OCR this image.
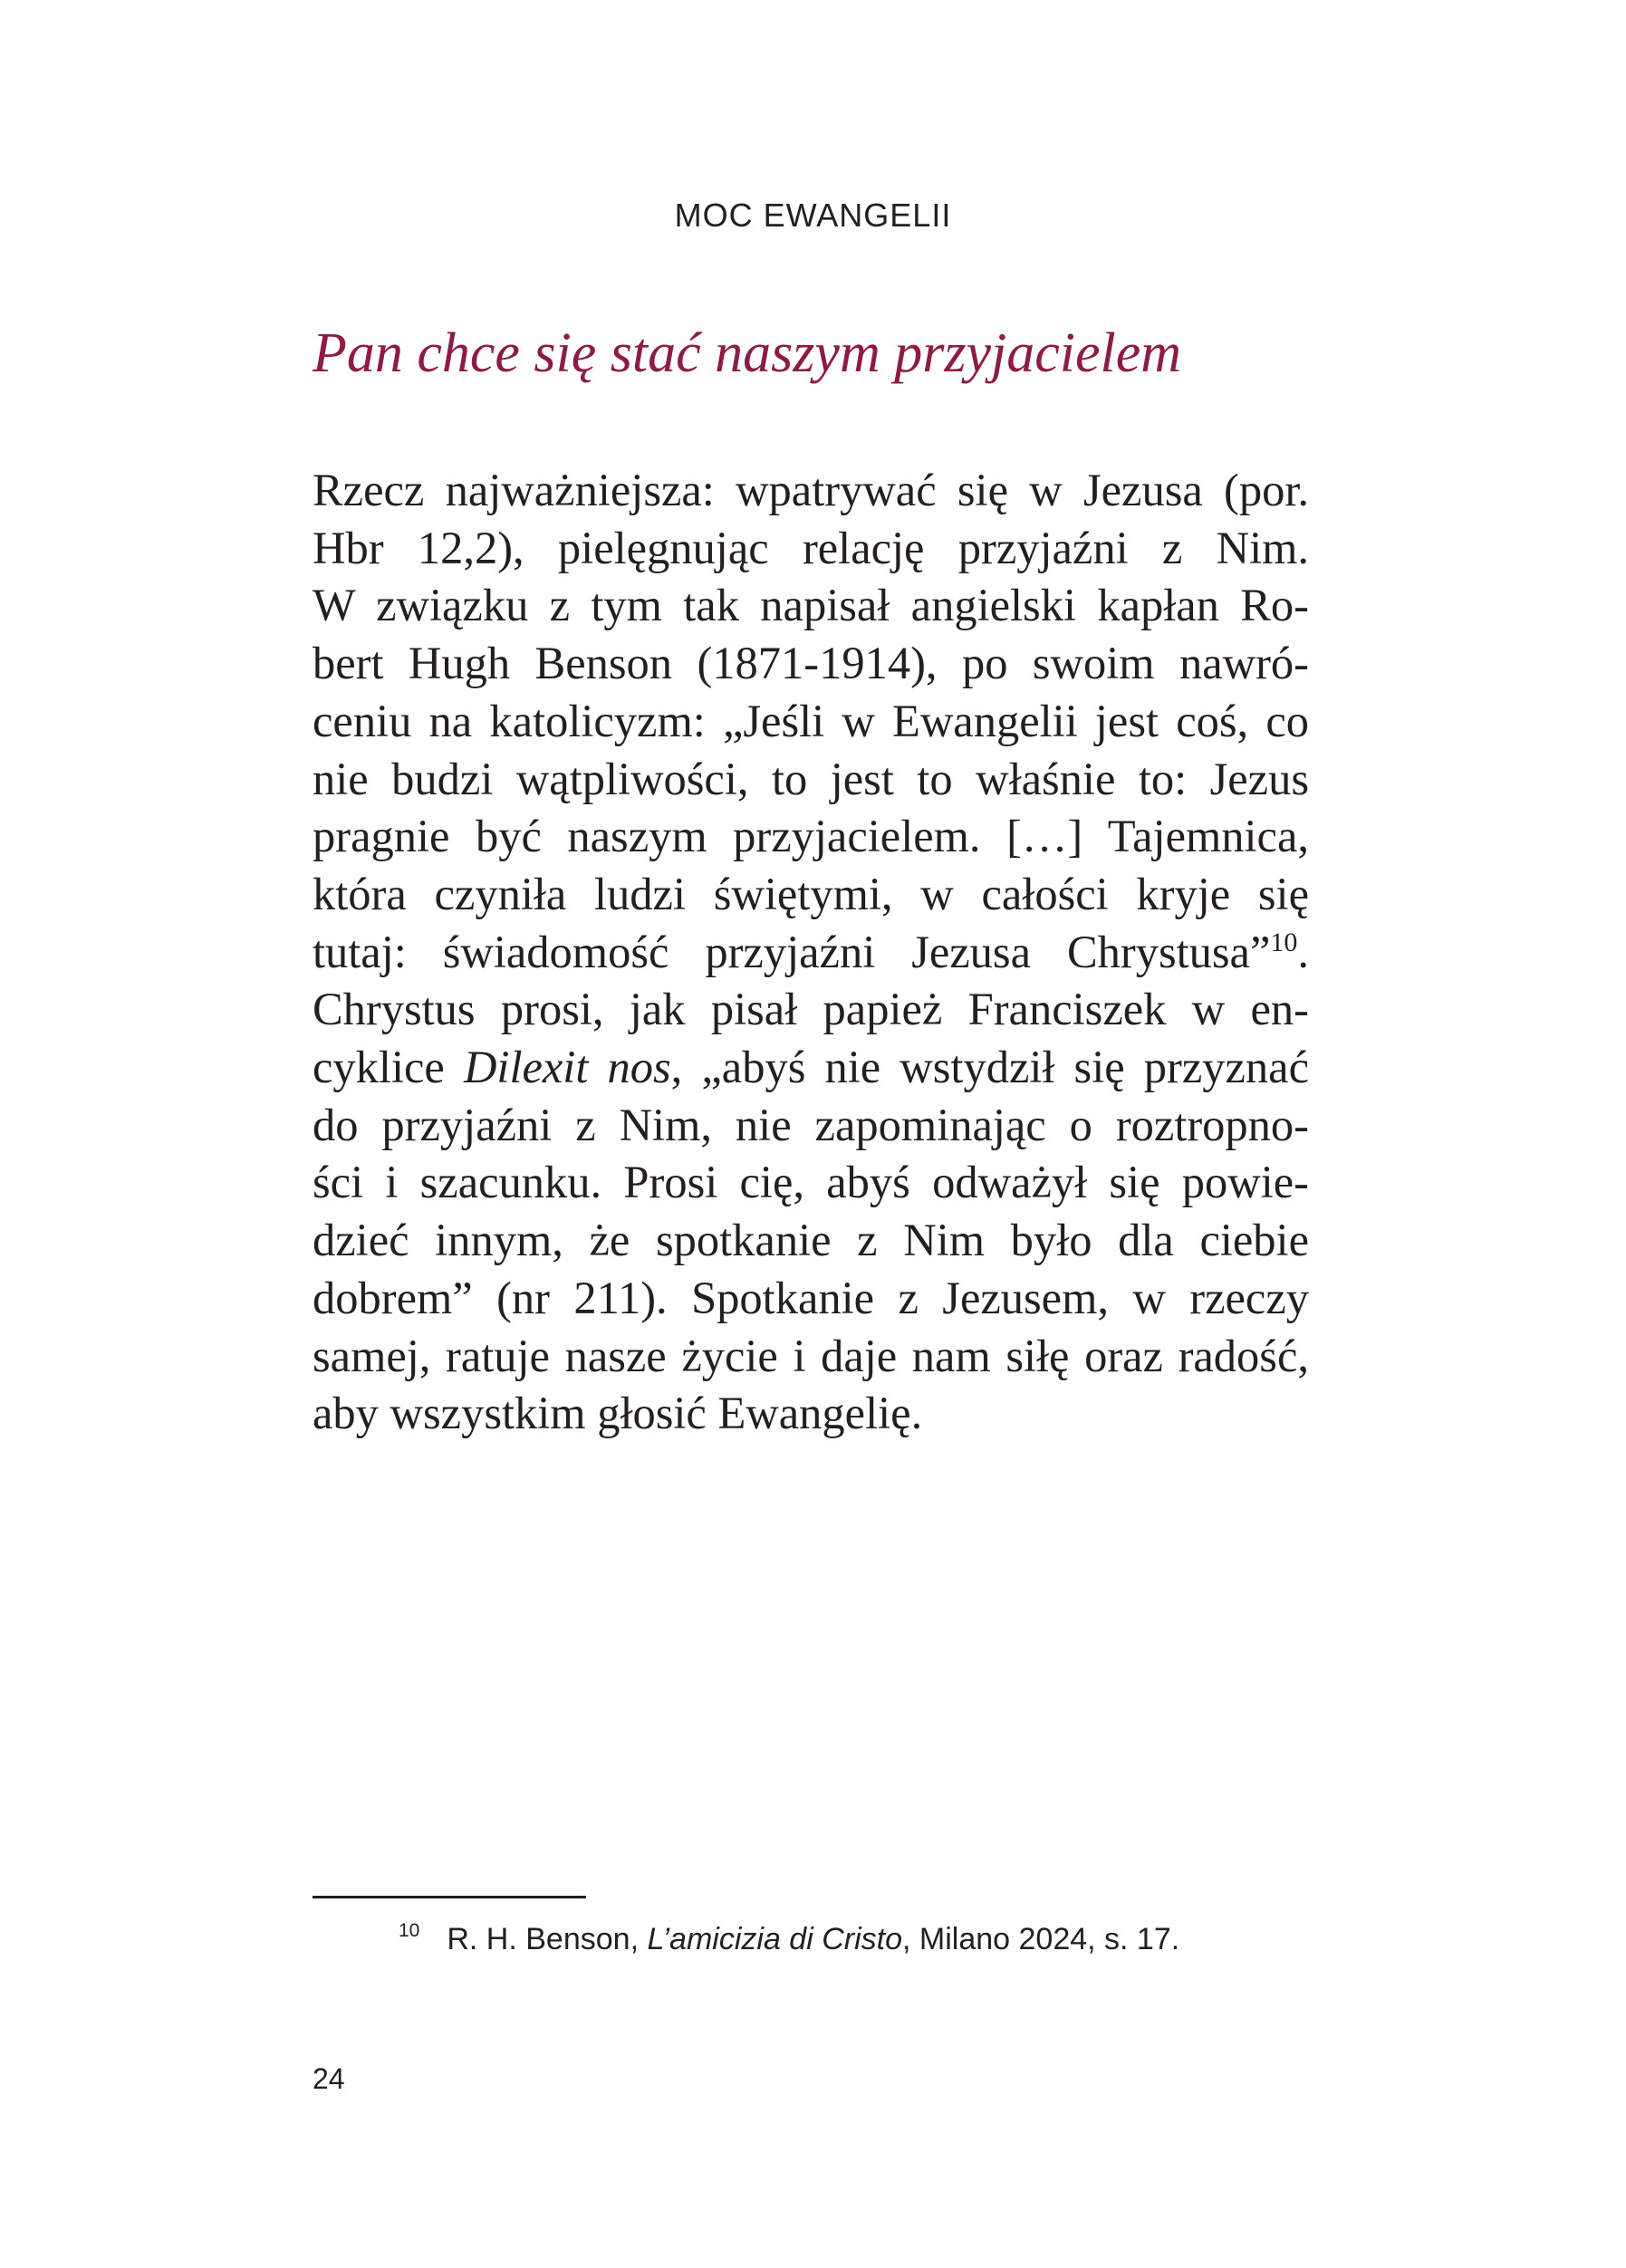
MOC EWANGELII
Pan chce się stać naszym przyjacielem
Rzecz najważniejsza: wpatrywać się w Jezusa (por.
Hbr 12,2), pielęgnując relację przyjaźni z Nim.
W związku z tym tak napisał angielski kapłan Ro-
bert Hugh Benson (1871-1914), po swoim nawró-
ceniu na katolicyzm: „Jeśli w Ewangelii jest coś, co
nie budzi wątpliwości, to jest to właśnie to: Jezus
pragnie być naszym przyjacielem. […] Tajemnica,
która czyniła ludzi świętymi, w całości kryje się
tutaj: świadomość przyjaźni Jezusa Chrystusa”$^{10}$.
Chrystus prosi, jak pisał papież Franciszek w en-
cyklice Dilexit nos, „abyś nie wstydził się przyznać
do przyjaźni z Nim, nie zapominając o roztropno-
ści i szacunku. Prosi cię, abyś odważył się powie-
dzieć innym, że spotkanie z Nim było dla ciebie
dobrem” (nr 211). Spotkanie z Jezusem, w rzeczy
samej, ratuje nasze życie i daje nam siłę oraz radość,
aby wszystkim głosić Ewangelię.
$^{10}$ R. H. Benson, L’amicizia di Cristo, Milano 2024, s. 17.
24
